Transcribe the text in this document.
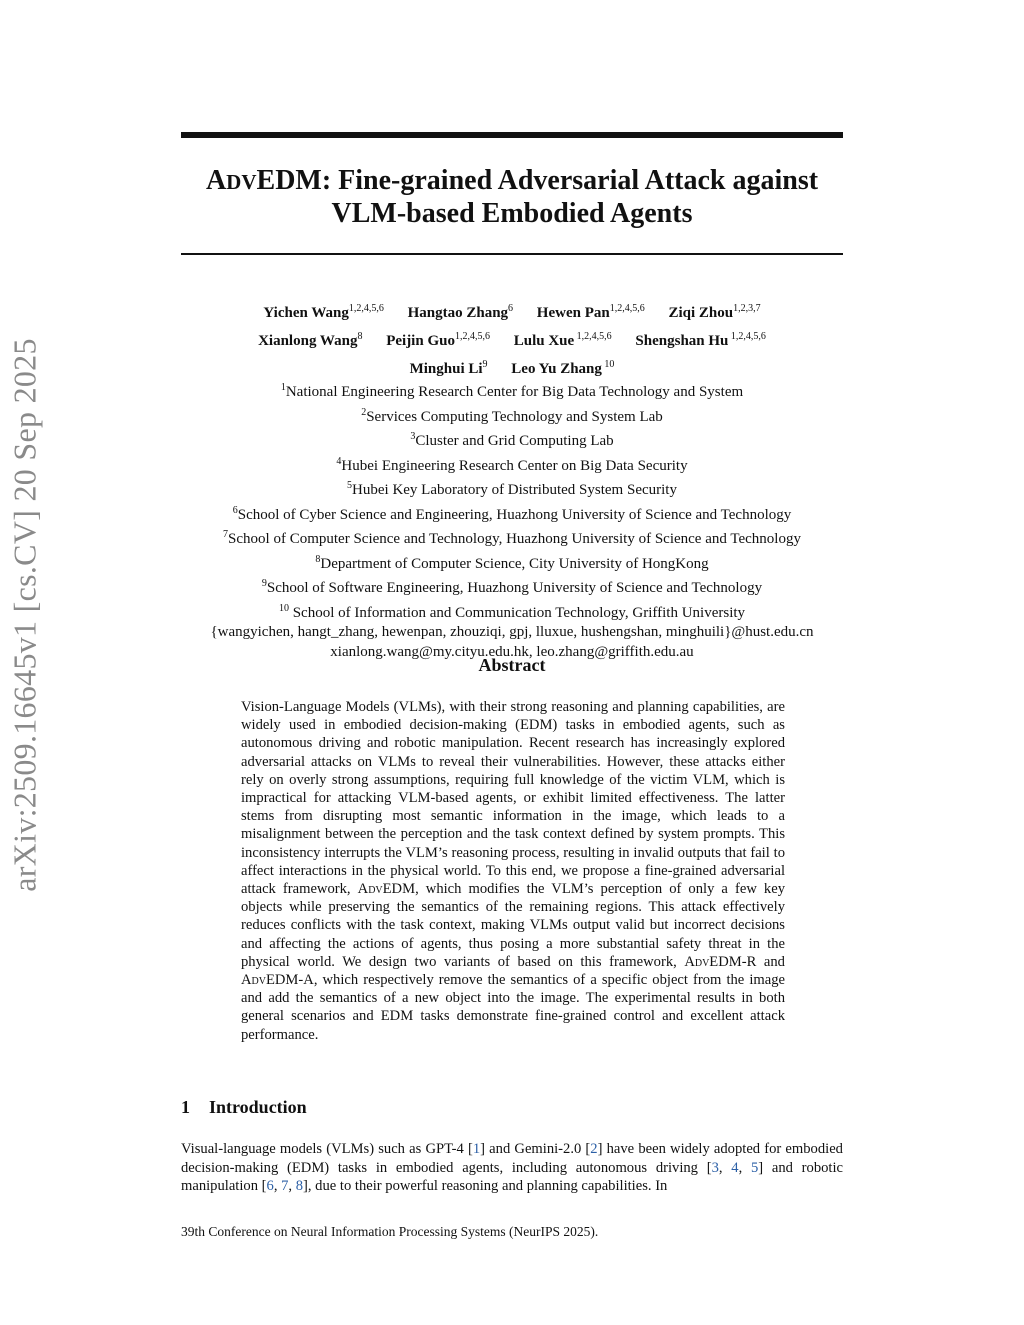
arXiv:2509.16645v1 [cs.CV] 20 Sep 2025
ADVEDM: Fine-grained Adversarial Attack against
VLM-based Embodied Agents
Yichen Wang$^{1,2,4,5,6}$ Hangtao Zhang$^6$ Hewen Pan$^{1,2,4,5,6}$ Ziqi Zhou$^{1,2,3,7}$
Xianlong Wang$^8$ Peijin Guo$^{1,2,4,5,6}$ Lulu Xue $^{1,2,4,5,6}$ Shengshan Hu $^{1,2,4,5,6}$
Minghui Li$^9$ Leo Yu Zhang $^{10}$
$^1$National Engineering Research Center for Big Data Technology and System
$^2$Services Computing Technology and System Lab
$^3$Cluster and Grid Computing Lab
$^4$Hubei Engineering Research Center on Big Data Security
$^5$Hubei Key Laboratory of Distributed System Security
$^6$School of Cyber Science and Engineering, Huazhong University of Science and Technology
$^7$School of Computer Science and Technology, Huazhong University of Science and Technology
$^8$Department of Computer Science, City University of HongKong
$^9$School of Software Engineering, Huazhong University of Science and Technology
$^{10}$ School of Information and Communication Technology, Griffith University
{wangyichen, hangt_zhang, hewenpan, zhouziqi, gpj, lluxue, hushengshan, minghuili}@hust.edu.cn
xianlong.wang@my.cityu.edu.hk, leo.zhang@griffith.edu.au
Abstract
Vision-Language Models (VLMs), with their strong reasoning and planning capabilities, are widely used in embodied decision-making (EDM) tasks in embodied agents, such as autonomous driving and robotic manipulation. Recent research has increasingly explored adversarial attacks on VLMs to reveal their vulnerabilities. However, these attacks either rely on overly strong assumptions, requiring full knowledge of the victim VLM, which is impractical for attacking VLM-based agents, or exhibit limited effectiveness. The latter stems from disrupting most semantic information in the image, which leads to a misalignment between the perception and the task context defined by system prompts. This inconsistency interrupts the VLM’s reasoning process, resulting in invalid outputs that fail to affect interactions in the physical world. To this end, we propose a fine-grained adversarial attack framework, AdvEDM, which modifies the VLM’s perception of only a few key objects while preserving the semantics of the remaining regions. This attack effectively reduces conflicts with the task context, making VLMs output valid but incorrect decisions and affecting the actions of agents, thus posing a more substantial safety threat in the physical world. We design two variants of based on this framework, AdvEDM-R and AdvEDM-A, which respectively remove the semantics of a specific object from the image and add the semantics of a new object into the image. The experimental results in both general scenarios and EDM tasks demonstrate fine-grained control and excellent attack performance.
1 Introduction
Visual-language models (VLMs) such as GPT-4 [1] and Gemini-2.0 [2] have been widely adopted for embodied decision-making (EDM) tasks in embodied agents, including autonomous driving [3, 4, 5] and robotic manipulation [6, 7, 8], due to their powerful reasoning and planning capabilities. In
39th Conference on Neural Information Processing Systems (NeurIPS 2025).
